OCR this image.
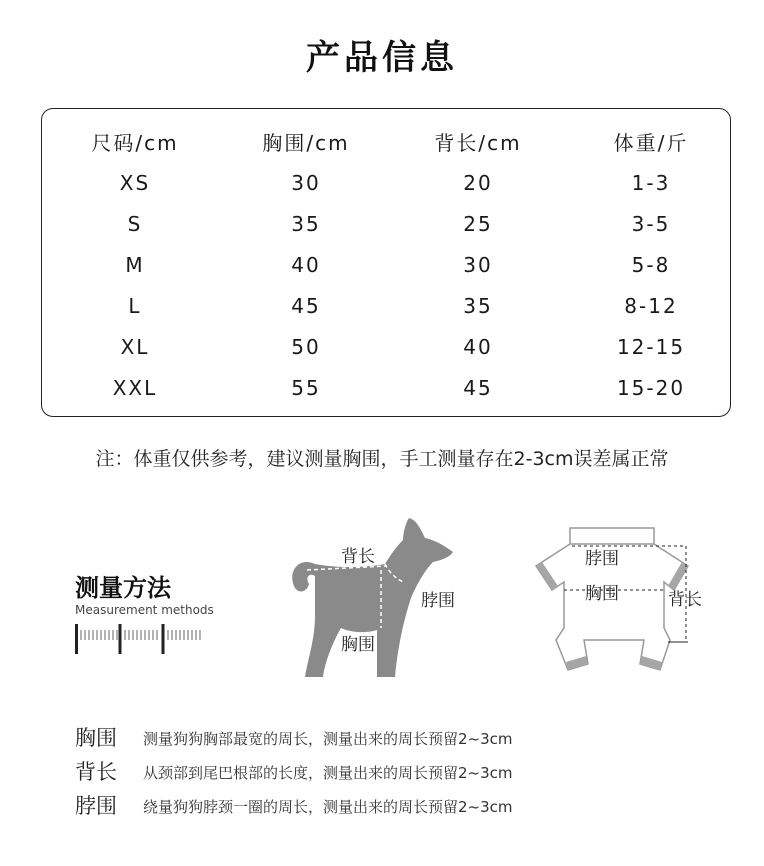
产品信息
尺码/cm	胸围/cm	背长/cm	体重/斤
XS	30	20	1-3
S	35	25	3-5
M	40	30	5-8
L	45	35	8-12
XL	50	40	12-15
XXL	55	45	15-20
注：体重仅供参考，建议测量胸围，手工测量存在2-3cm误差属正常
测量方法
Measurement methods
背长
脖围
胸围
脖围
胸围	背长
胸围 测量狗狗胸部最宽的周长，测量出来的周长预留2~3cm
背长 从颈部到尾巴根部的长度，测量出来的周长预留2~3cm
脖围 绕量狗狗脖颈一圈的周长，测量出来的周长预留2~3cm
